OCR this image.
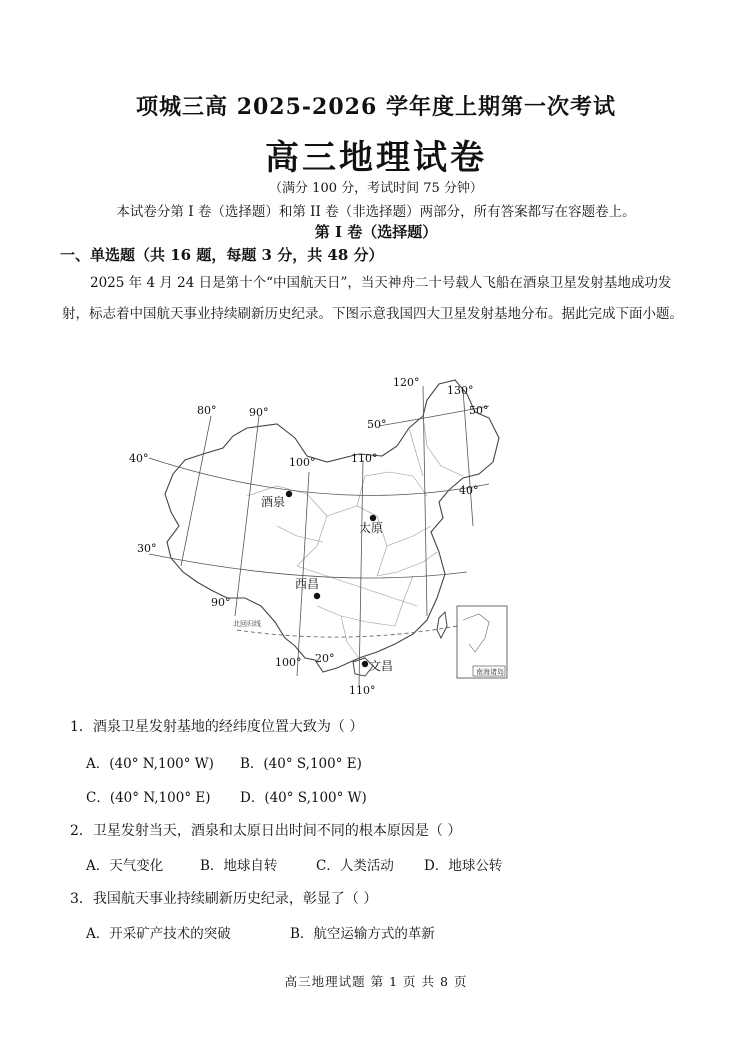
项城三高 2025-2026 学年度上期第一次考试
高三地理试卷
（满分 100 分，考试时间 75 分钟）
本试卷分第 I 卷（选择题）和第 II 卷（非选择题）两部分，所有答案都写在容题卷上。
第 I 卷（选择题）
一、单选题（共 16 题，每题 3 分，共 48 分）
2025 年 4 月 24 日是第十个“中国航天日”，当天神舟二十号载人飞船在酒泉卫星发射基地成功发射，标志着中国航天事业持续刷新历史纪录。下图示意我国四大卫星发射基地分布。据此完成下面小题。
南海诸岛
80°	90°
100°	110°
120°
130°
90°
100°
110°
40°
30°
50°
50°
40°
20°
北回归线
酒泉
太原
西昌
文昌
1．酒泉卫星发射基地的经纬度位置大致为（ ）
A．(40° N,100° W) B．(40° S,100° E)
C．(40° N,100° E) D．(40° S,100° W)
2．卫星发射当天，酒泉和太原日出时间不同的根本原因是（ ）
A．天气变化	B．地球自转	C．人类活动 D．地球公转
3．我国航天事业持续刷新历史纪录，彰显了（ ）
A．开采矿产技术的突破	B．航空运输方式的革新
高三地理试题 第 1 页 共 8 页
